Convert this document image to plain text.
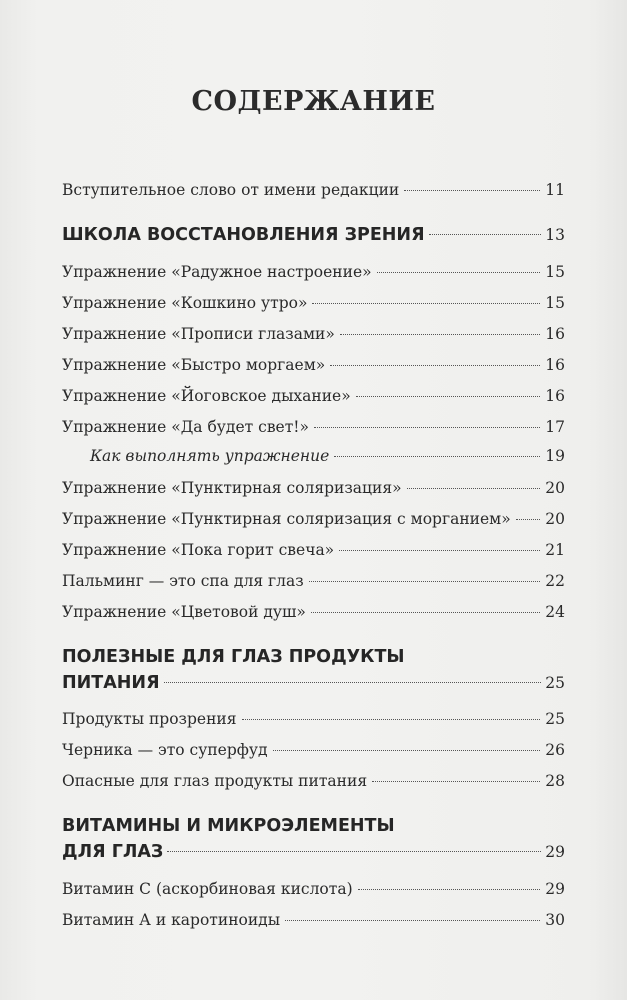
СОДЕРЖАНИЕ
Вступительное слово от имени редакции	11
ШКОЛА ВОССТАНОВЛЕНИЯ ЗРЕНИЯ	13
Упражнение «Радужное настроение»	15
Упражнение «Кошкино утро»	15
Упражнение «Прописи глазами»	16
Упражнение «Быстро моргаем»	16
Упражнение «Йоговское дыхание»	16
Упражнение «Да будет свет!»	17
Как выполнять упражнение	19
Упражнение «Пунктирная соляризация»	20
Упражнение «Пунктирная соляризация с морганием» 20
Упражнение «Пока горит свеча»	21
Пальминг — это спа для глаз	22
Упражнение «Цветовой душ»	24
ПОЛЕЗНЫЕ ДЛЯ ГЛАЗ ПРОДУКТЫ
ПИТАНИЯ	25
Продукты прозрения	25
Черника — это суперфуд	26
Опасные для глаз продукты питания	28
ВИТАМИНЫ И МИКРОЭЛЕМЕНТЫ
ДЛЯ ГЛАЗ	29
Витамин С (аскорбиновая кислота)	29
Витамин А и каротиноиды	30
